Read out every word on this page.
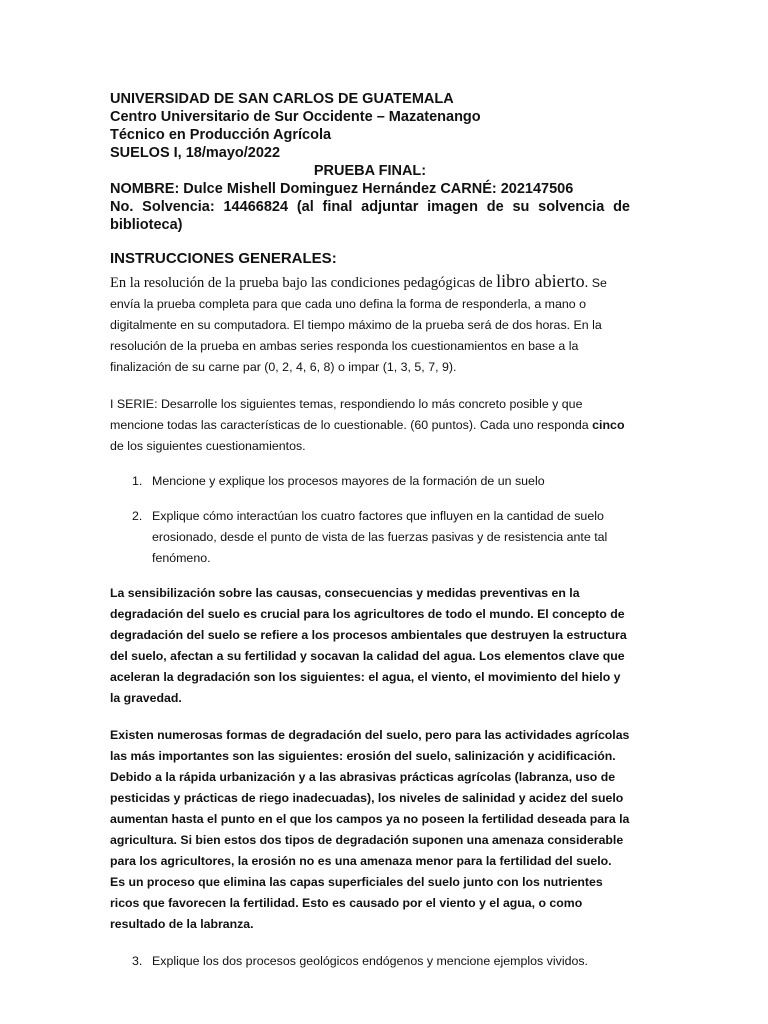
UNIVERSIDAD DE SAN CARLOS DE GUATEMALA

Centro Universitario de Sur Occidente – Mazatenango

Técnico en Producción Agrícola

SUELOS I, 18/mayo/2022

PRUEBA FINAL:

NOMBRE: Dulce Mishell Dominguez Hernández CARNÉ: 202147506

No. Solvencia: 14466824 (al final adjuntar imagen de su solvencia de

biblioteca)

INSTRUCCIONES GENERALES:

En la resolución de la prueba bajo las condiciones pedagógicas de libro abierto. Se envía la prueba completa para que cada uno defina la forma de responderla, a mano o digitalmente en su computadora. El tiempo máximo de la prueba será de dos horas. En la resolución de la prueba en ambas series responda los cuestionamientos en base a la finalización de su carne par (0, 2, 4, 6, 8) o impar (1, 3, 5, 7, 9).

I SERIE: Desarrolle los siguientes temas, respondiendo lo más concreto posible y que mencione todas las características de lo cuestionable. (60 puntos). Cada uno responda cinco de los siguientes cuestionamientos.

1. Mencione y explique los procesos mayores de la formación de un suelo
2. Explique cómo interactúan los cuatro factores que influyen en la cantidad de suelo erosionado, desde el punto de vista de las fuerzas pasivas y de resistencia ante tal fenómeno.

La sensibilización sobre las causas, consecuencias y medidas preventivas en la degradación del suelo es crucial para los agricultores de todo el mundo. El concepto de degradación del suelo se refiere a los procesos ambientales que destruyen la estructura del suelo, afectan a su fertilidad y socavan la calidad del agua. Los elementos clave que aceleran la degradación son los siguientes: el agua, el viento, el movimiento del hielo y la gravedad.

Existen numerosas formas de degradación del suelo, pero para las actividades agrícolas las más importantes son las siguientes: erosión del suelo, salinización y acidificación. Debido a la rápida urbanización y a las abrasivas prácticas agrícolas (labranza, uso de pesticidas y prácticas de riego inadecuadas), los niveles de salinidad y acidez del suelo aumentan hasta el punto en el que los campos ya no poseen la fertilidad deseada para la agricultura. Si bien estos dos tipos de degradación suponen una amenaza considerable para los agricultores, la erosión no es una amenaza menor para la fertilidad del suelo. Es un proceso que elimina las capas superficiales del suelo junto con los nutrientes ricos que favorecen la fertilidad. Esto es causado por el viento y el agua, o como resultado de la labranza.

3. Explique los dos procesos geológicos endógenos y mencione ejemplos vividos.
